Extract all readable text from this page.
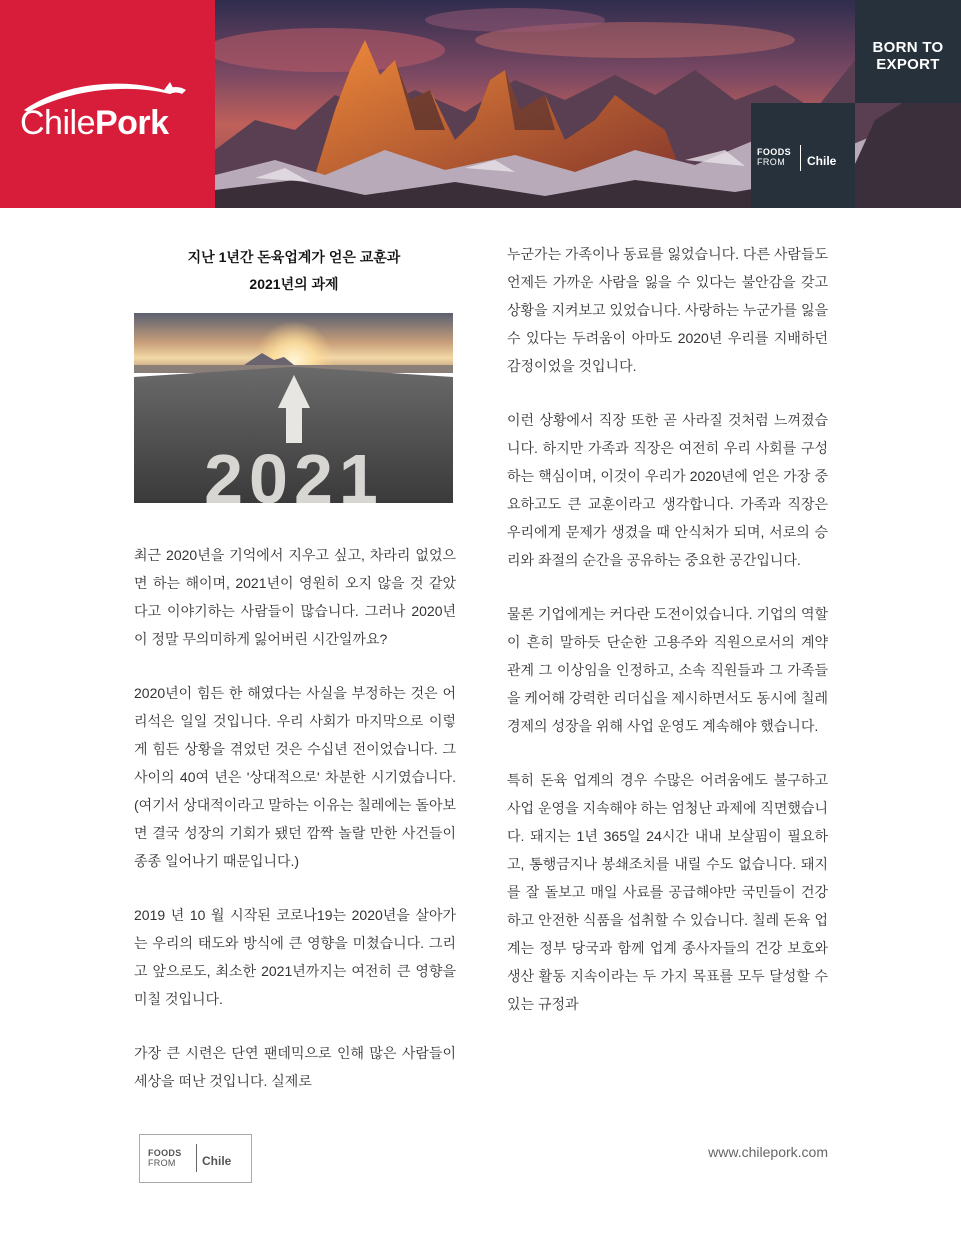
ChilePork
BORN TO
EXPORT
FOODS
FROM	Chile
지난 1년간 돈육업계가 얻은 교훈과
2021년의 과제
2021

최근 2020년을 기억에서 지우고 싶고, 차라리 없었으면 하는 해이며, 2021년이 영원히 오지 않을 것 같았다고 이야기하는 사람들이 많습니다. 그러나 2020년이 정말 무의미하게 잃어버린 시간일까요?

2020년이 힘든 한 해였다는 사실을 부정하는 것은 어리석은 일일 것입니다. 우리 사회가 마지막으로 이렇게 힘든 상황을 겪었던 것은 수십년 전이었습니다. 그 사이의 40여 년은 '상대적으로' 차분한 시기였습니다. (여기서 상대적이라고 말하는 이유는 칠레에는 돌아보면 결국 성장의 기회가 됐던 깜짝 놀랄 만한 사건들이 종종 일어나기 때문입니다.)

2019 년 10 월 시작된 코로나19는 2020년을 살아가는 우리의 태도와 방식에 큰 영향을 미쳤습니다. 그리고 앞으로도, 최소한 2021년까지는 여전히 큰 영향을 미칠 것입니다.

가장 큰 시련은 단연 팬데믹으로 인해 많은 사람들이 세상을 떠난 것입니다. 실제로

누군가는 가족이나 동료를 잃었습니다. 다른 사람들도 언제든 가까운 사람을 잃을 수 있다는 불안감을 갖고 상황을 지켜보고 있었습니다. 사랑하는 누군가를 잃을 수 있다는 두려움이 아마도 2020년 우리를 지배하던 감정이었을 것입니다.

이런 상황에서 직장 또한 곧 사라질 것처럼 느껴졌습니다. 하지만 가족과 직장은 여전히 우리 사회를 구성하는 핵심이며, 이것이 우리가 2020년에 얻은 가장 중요하고도 큰 교훈이라고 생각합니다. 가족과 직장은 우리에게 문제가 생겼을 때 안식처가 되며, 서로의 승리와 좌절의 순간을 공유하는 중요한 공간입니다.

물론 기업에게는 커다란 도전이었습니다. 기업의 역할이 흔히 말하듯 단순한 고용주와 직원으로서의 계약 관계 그 이상임을 인정하고, 소속 직원들과 그 가족들을 케어해 강력한 리더십을 제시하면서도 동시에 칠레 경제의 성장을 위해 사업 운영도 계속해야 했습니다.

특히 돈육 업계의 경우 수많은 어려움에도 불구하고 사업 운영을 지속해야 하는 엄청난 과제에 직면했습니다. 돼지는 1년 365일 24시간 내내 보살핌이 필요하고, 통행금지나 봉쇄조치를 내릴 수도 없습니다. 돼지를 잘 돌보고 매일 사료를 공급해야만 국민들이 건강하고 안전한 식품을 섭취할 수 있습니다. 칠레 돈육 업계는 정부 당국과 함께 업계 종사자들의 건강 보호와 생산 활동 지속이라는 두 가지 목표를 모두 달성할 수 있는 규정과

FOODS
FROM	Chile
www.chilepork.com
